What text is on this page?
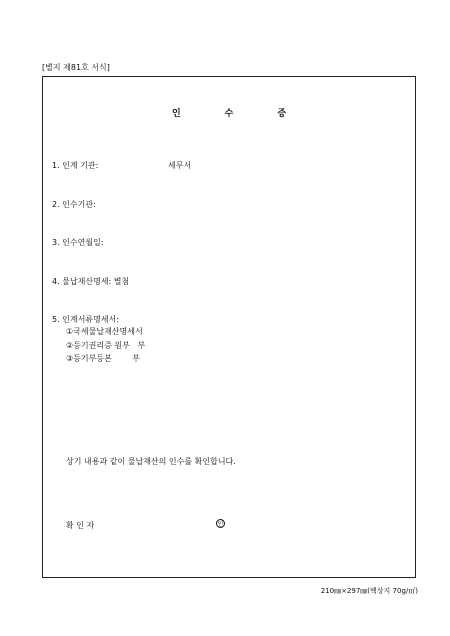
[별지 제81호 서식]
인	수	증
1. 인계 기관:	세무서
2. 인수기관:
3. 인수연월일:
4. 물납재산명세: 별첨
5. 인계서류명세서:
①국세물납재산명세서
②등기권리증 원부   부
③등기부등본        부
상기 내용과 같이 물납재산의 인수를 확인합니다.
확 인 자	인
210㎜×297㎜(백상지 70g/㎡)
